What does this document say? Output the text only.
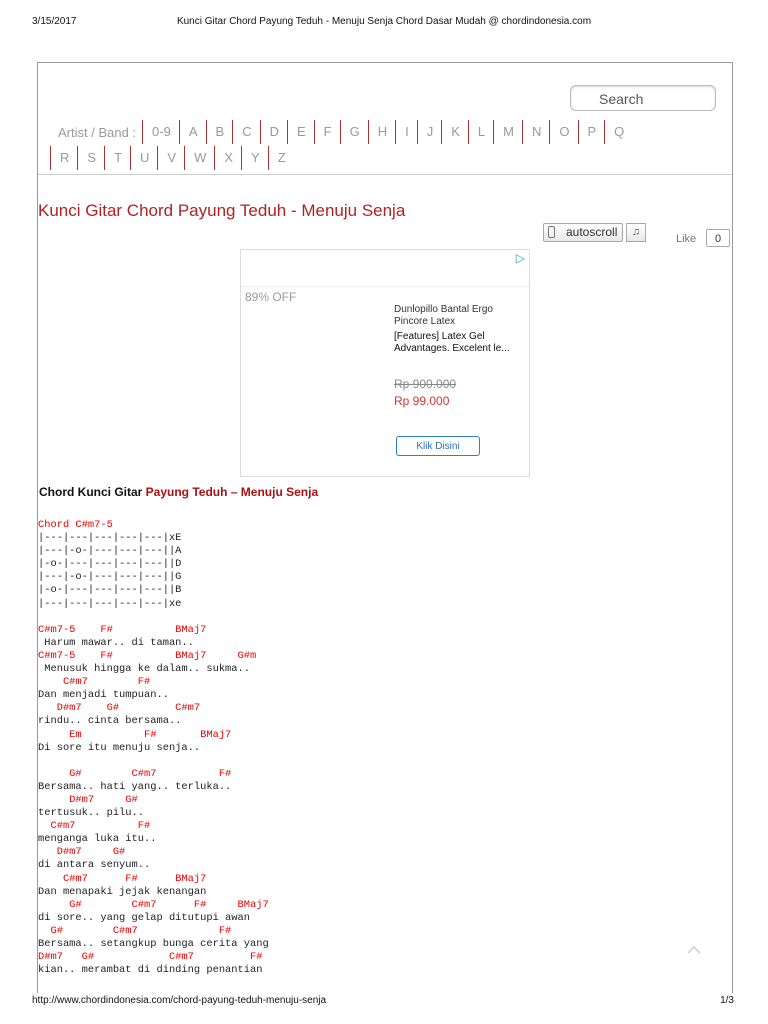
3/15/2017	Kunci Gitar Chord Payung Teduh - Menuju Senja Chord Dasar Mudah @ chordindonesia.com
Search
Artist / Band :	0-9	A	B	C	D	E	F	G	H	I	J	K	L	M	N	O	P	Q
R	S	T	U	V	W	X	Y	Z
Kunci Gitar Chord Payung Teduh - Menuju Senja
autoscroll	♫
Like	0
▷
89% OFF
Dunlopillo Bantal Ergo Pincore Latex
[Features] Latex Gel Advantages. Excelent le...
Rp 900.000
Rp 99.000
Klik Disini
Chord Kunci Gitar Payung Teduh – Menuju Senja
Chord C#m7-5
|---|---|---|---|---|xE
|---|-o-|---|---|---||A
|-o-|---|---|---|---||D
|---|-o-|---|---|---||G
|-o-|---|---|---|---||B
|---|---|---|---|---|xe

C#m7-5    F#          BMaj7
Harum mawar.. di taman..
C#m7-5    F#          BMaj7     G#m
Menusuk hingga ke dalam.. sukma..
C#m7        F#
Dan menjadi tumpuan..
D#m7    G#         C#m7
rindu.. cinta bersama..
Em          F#       BMaj7
Di sore itu menuju senja..

G#        C#m7          F#
Bersama.. hati yang.. terluka..
D#m7     G#
tertusuk.. pilu..
C#m7          F#
menganga luka itu..
D#m7     G#
di antara senyum..
C#m7      F#      BMaj7
Dan menapaki jejak kenangan
G#        C#m7      F#     BMaj7
di sore.. yang gelap ditutupi awan
G#        C#m7             F#
Bersama.. setangkup bunga cerita yang
D#m7   G#            C#m7         F#
kian.. merambat di dinding penantian
http://www.chordindonesia.com/chord-payung-teduh-menuju-senja	1/3
